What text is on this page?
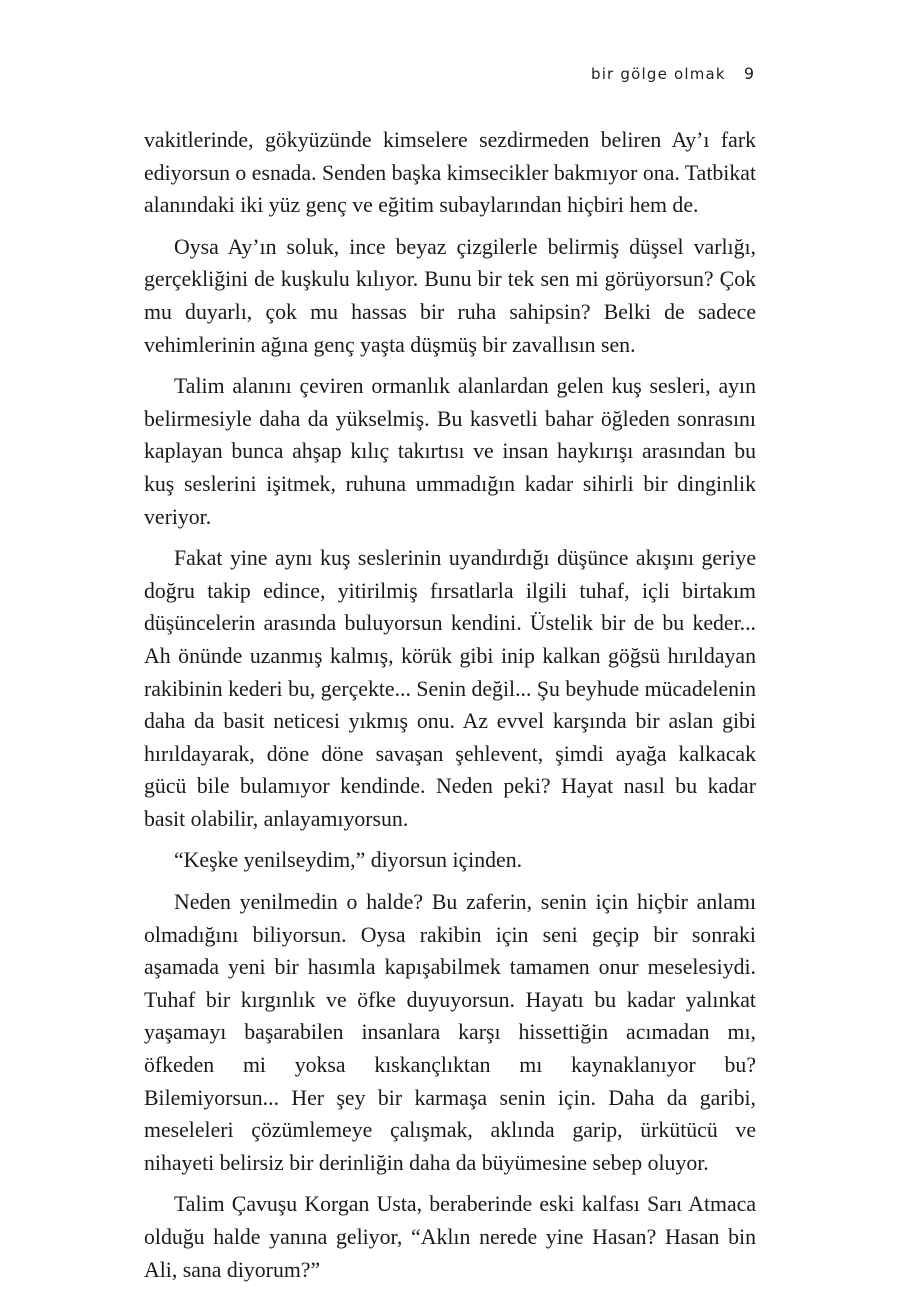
bir gölge olmak 9

vakitlerinde, gökyüzünde kimselere sezdirmeden beliren Ay’ı fark ediyorsun o esnada. Senden başka kimsecikler bakmıyor ona. Tatbikat alanındaki iki yüz genç ve eğitim subaylarından hiçbiri hem de.

Oysa Ay’ın soluk, ince beyaz çizgilerle belirmiş düşsel varlığı, gerçekliğini de kuşkulu kılıyor. Bunu bir tek sen mi görüyorsun? Çok mu duyarlı, çok mu hassas bir ruha sahipsin? Belki de sadece vehimlerinin ağına genç yaşta düşmüş bir zavallısın sen.

Talim alanını çeviren ormanlık alanlardan gelen kuş sesleri, ayın belirmesiyle daha da yükselmiş. Bu kasvetli bahar öğleden sonrasını kaplayan bunca ahşap kılıç takırtısı ve insan haykırışı arasından bu kuş seslerini işitmek, ruhuna ummadığın kadar sihirli bir dinginlik veriyor.

Fakat yine aynı kuş seslerinin uyandırdığı düşünce akışını geriye doğru takip edince, yitirilmiş fırsatlarla ilgili tuhaf, içli birtakım düşüncelerin arasında buluyorsun kendini. Üstelik bir de bu keder... Ah önünde uzanmış kalmış, körük gibi inip kalkan göğsü hırıldayan rakibinin kederi bu, gerçekte... Senin değil... Şu beyhude mücadelenin daha da basit neticesi yıkmış onu. Az evvel karşında bir aslan gibi hırıldayarak, döne döne savaşan şehlevent, şimdi ayağa kalkacak gücü bile bulamıyor kendinde. Neden peki? Hayat nasıl bu kadar basit olabilir, anlayamıyorsun.

“Keşke yenilseydim,” diyorsun içinden.

Neden yenilmedin o halde? Bu zaferin, senin için hiçbir anlamı olmadığını biliyorsun. Oysa rakibin için seni geçip bir sonraki aşamada yeni bir hasımla kapışabilmek tamamen onur meselesiydi. Tuhaf bir kırgınlık ve öfke duyuyorsun. Hayatı bu kadar yalınkat yaşamayı başarabilen insanlara karşı hissettiğin acımadan mı, öfkeden mi yoksa kıskançlıktan mı kaynaklanıyor bu? Bilemiyorsun... Her şey bir karmaşa senin için. Daha da garibi, meseleleri çözümlemeye çalışmak, aklında garip, ürkütücü ve nihayeti belirsiz bir derinliğin daha da büyümesine sebep oluyor.

Talim Çavuşu Korgan Usta, beraberinde eski kalfası Sarı Atmaca olduğu halde yanına geliyor, “Aklın nerede yine Hasan? Hasan bin Ali, sana diyorum?”
